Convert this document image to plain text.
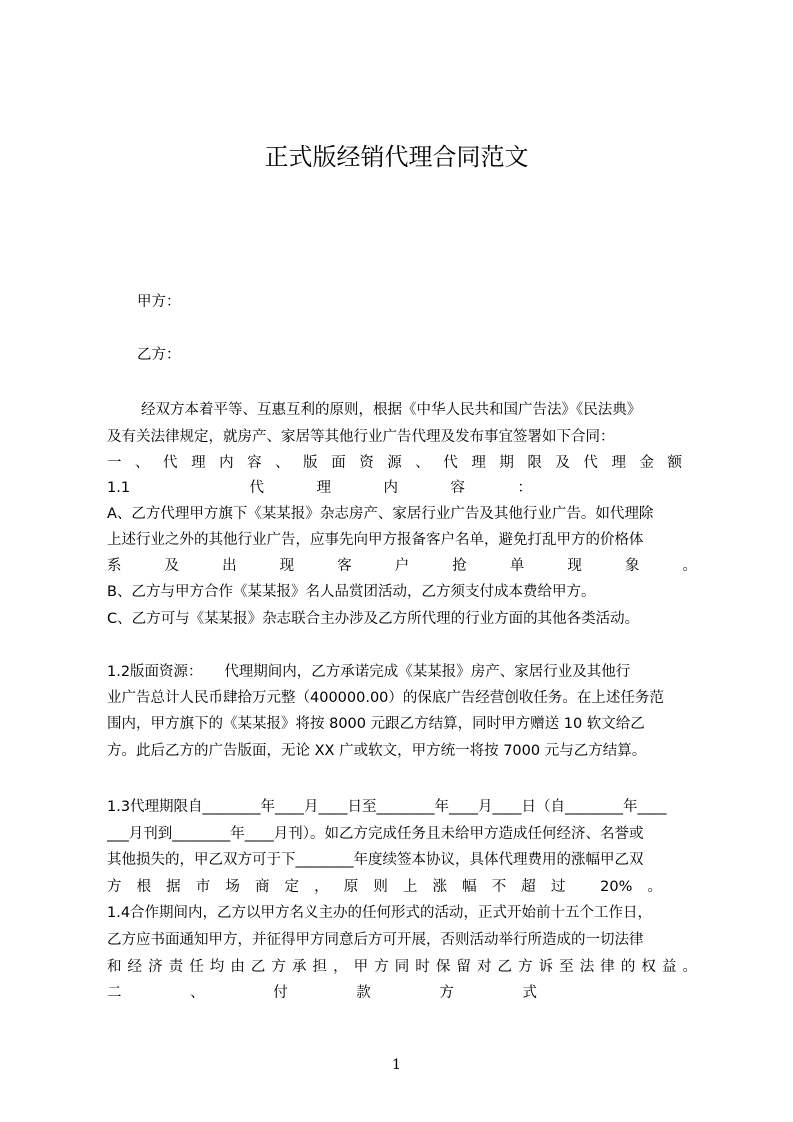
正式版经销代理合同范文
甲方：
乙方：
经双方本着平等、互惠互利的原则，根据《中华人民共和国广告法》《民法典》
及有关法律规定，就房产、家居等其他行业广告代理及发布事宜签署如下合同：
一、代理内容、版面资源、代理期限及代理金额
1.1　代理内容：
A、乙方代理甲方旗下《某某报》杂志房产、家居行业广告及其他行业广告。如代理除
上述行业之外的其他行业广告，应事先向甲方报备客户名单，避免打乱甲方的价格体
系及出现客户抢单现象。
B、乙方与甲方合作《某某报》名人品赏团活动，乙方须支付成本费给甲方。
C、乙方可与《某某报》杂志联合主办涉及乙方所代理的行业方面的其他各类活动。
1.2版面资源：　　代理期间内，乙方承诺完成《某某报》房产、家居行业及其他行
业广告总计人民币肆拾万元整（400000.00）的保底广告经营创收任务。在上述任务范
围内，甲方旗下的《某某报》将按 8000 元跟乙方结算，同时甲方赠送 10 软文给乙
方。此后乙方的广告版面，无论 XX 广或软文，甲方统一将按 7000 元与乙方结算。
1.3代理期限自________年____月____日至________年____月____日（自________年____
___月刊到________年____月刊）。如乙方完成任务且未给甲方造成任何经济、名誉或
其他损失的，甲乙双方可于下________年度续签本协议，具体代理费用的涨幅甲乙双
方根据市场商定，原则上涨幅不超过 20%。
1.4合作期间内，乙方以甲方名义主办的任何形式的活动，正式开始前十五个工作日，
乙方应书面通知甲方，并征得甲方同意后方可开展，否则活动举行所造成的一切法律
和经济责任均由乙方承担，甲方同时保留对乙方诉至法律的权益。
二、付款方式
1
